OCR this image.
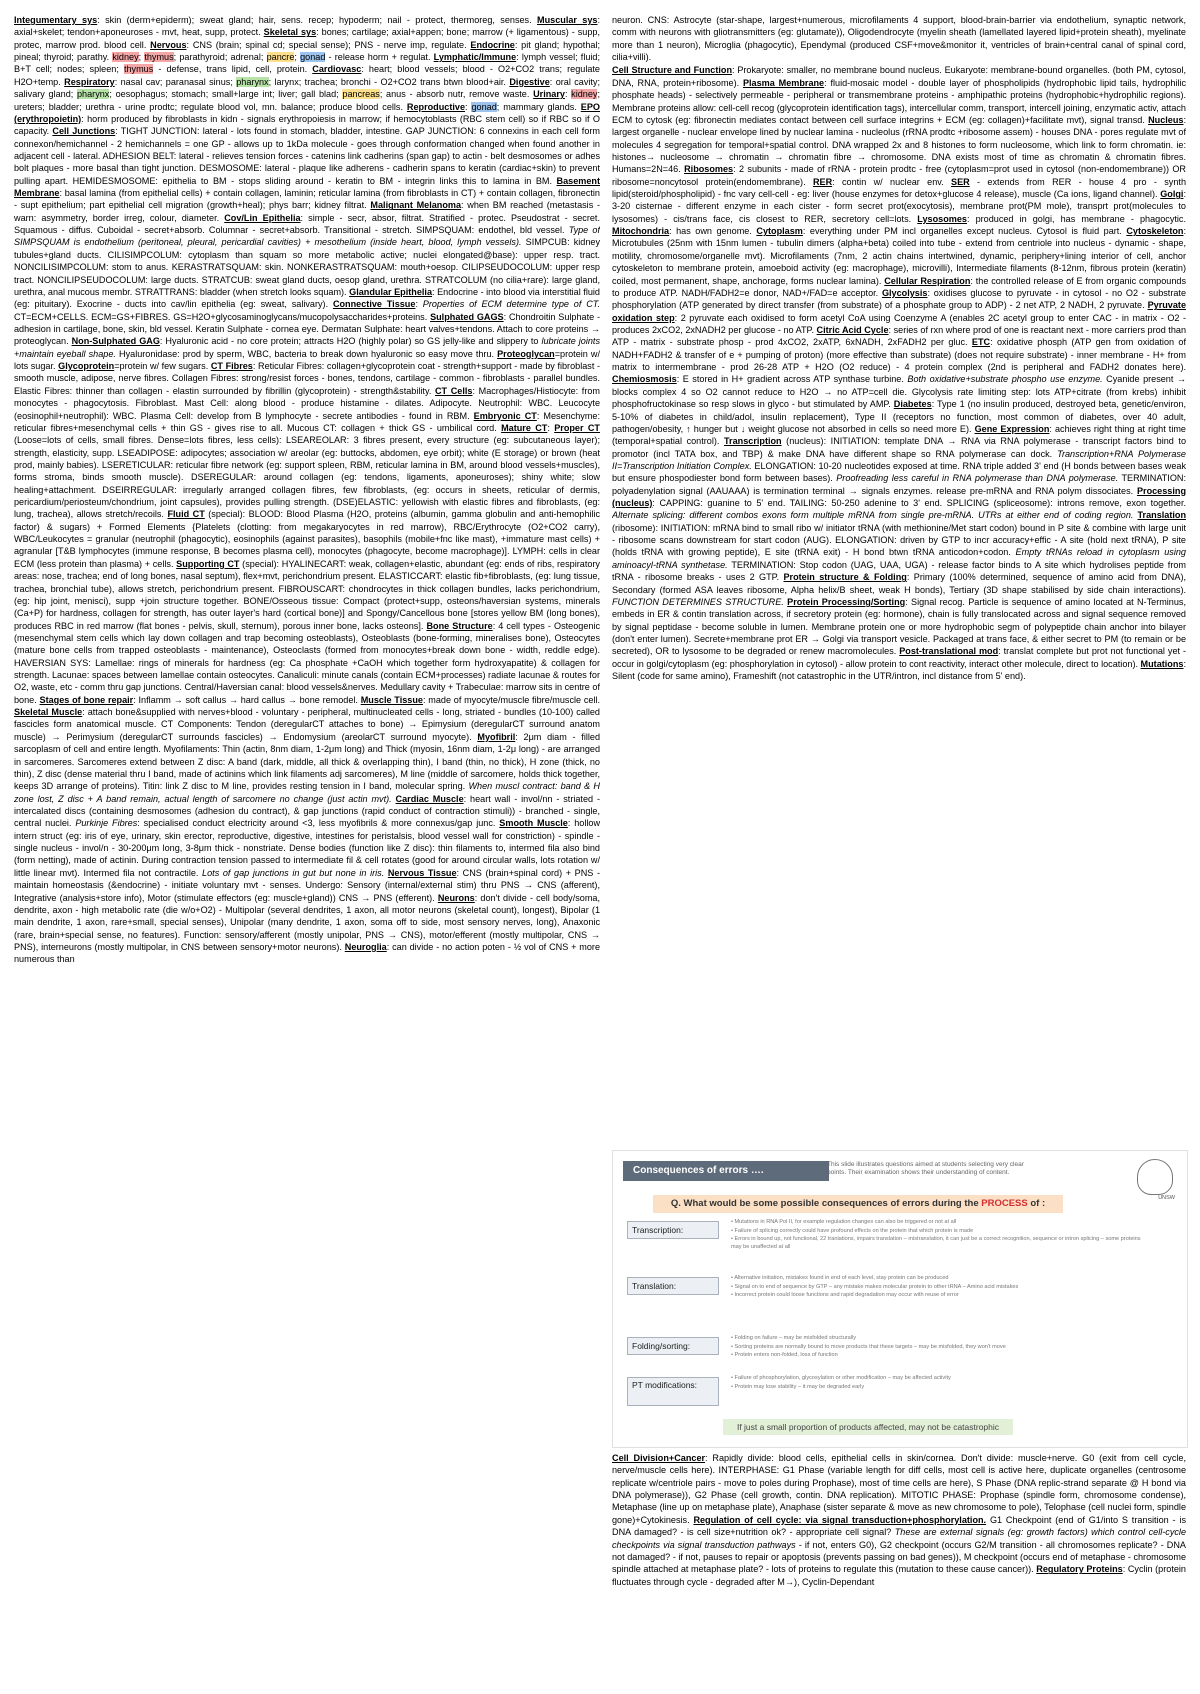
Integumentary sys: skin (derm+epiderm); sweat gland; hair, sens. recep; hypoderm; nail - protect, thermoreg, senses. Muscular sys: axial+skelet; tendon+aponeuroses - mvt, heat, supp, protect. Skeletal sys: bones; cartilage; axial+appen; bone; marrow (+ ligamentous) - supp, protec, marrow prod. blood cell. Nervous: CNS (brain; spinal cd; special sense); PNS - nerve imp, regulate. Endocrine: pit gland; hypothal; pineal; thyroid; parathy. kidney; thymus; parathyroid; adrenal; pancre; gonad - release horm + regulat. Lymphatic/Immune: lymph vessel; fluid; B+T cell; nodes; spleen; thymus - defense, trans lipid, cell, protein. Cardiovasc: heart; blood vessels; blood - O2+CO2 trans; regulate H2O+temp. Respiratory: nasal cav; paranasal sinus; pharynx; larynx; trachea; bronchi - O2+CO2 trans btwn blood+air. Digestive: oral cavity; salivary gland; pharynx; oesophagus; stomach; small+large int; liver; gall blad; pancreas; anus - absorb nutr, remove waste. Urinary: kidney; ureters; bladder; urethra - urine prodtc; regulate blood vol, mn. balance; produce blood cells. Reproductive: gonad; mammary glands. EPO (erythropoietin): horm produced by fibroblasts in kidn - signals erythropoiesis in marrow; if hemocytoblasts (RBC stem cell) so if RBC so if O capacity. Cell Junctions: TIGHT JUNCTION: lateral - lots found in stomach, bladder, intestine. GAP JUNCTION: 6 connexins in each cell form connexon/hemichannel - 2 hemichannels = one GP - allows up to 1kDa molecule - goes through conformation changed when found another in adjacent cell - lateral. ADHESION BELT: lateral - relieves tension forces - catenins link cadherins (span gap) to actin - belt desmosomes or adhes bolt plaques - more basal than tight junction. DESMOSOME: lateral - plaque like adherens - cadherin spans to keratin (cardiac+skin) to prevent pulling apart. HEMIDESMOSOME: epithelia to BM - stops sliding around - keratin to BM - integrin links this to lamina in BM. Basement Membrane: basal lamina (from epithelial cells) + contain collagen, laminin; reticular lamina (from fibroblasts in CT) + contain collagen, fibronectin - supt epithelium; part epithelial cell migration (growth+heal); phys barr; kidney filtrat. Malignant Melanoma: when BM reached (metastasis - warn: asymmetry, border irreg, colour, diameter. Cov/Lin Epithelia: simple - secr, absor, filtrat. Stratified - protec. Pseudostrat - secret. Squamous - diffus. Cuboidal - secret+absorb. Columnar - secret+absorb. Transitional - stretch. SIMPSQUAM: endothel, bld vessel. Type of SIMPSQUAM is endothelium (peritoneal, pleural, pericardial cavities) + mesothelium (inside heart, blood, lymph vessels). SIMPCUB: kidney tubules+gland ducts. CILISIMPCOLUM: cytoplasm than squam so more metabolic active; nuclei elongated@base): upper resp. tract. NONCILISIMPCOLUM: stom to anus. KERASTRATSQUAM: skin. NONKERASTRATSQUAM: mouth+oesop. CILIPSEUDOCOLUM: upper resp tract. NONCILIPSEUDOCOLUM: large ducts. STRATCUB: sweat gland ducts, oesop gland, urethra. STRATCOLUM (no cilia+rare): large gland, urethra, anal mucous membr. STRATTRANS: bladder (when stretch looks squam). Glandular Epithelia: Endocrine - into blood via interstitial fluid (eg: pituitary). Exocrine - ducts into cav/lin epithelia (eg: sweat, salivary). Connective Tissue: Properties of ECM determine type of CT. CT=ECM+CELLS. ECM=GS+FIBRES. GS=H2O+glycosaminoglycans/mucopolysaccharides+proteins. Sulphated GAGS: Chondroitin Sulphate - adhesion in cartilage, bone, skin, bld vessel. Keratin Sulphate - cornea eye. Dermatan Sulphate: heart valves+tendons. Attach to core proteins → proteoglycan. Non-Sulphated GAG: Hyaluronic acid - no core protein; attracts H2O (highly polar) so GS jelly-like and slippery to lubricate joints +maintain eyeball shape. Hyaluronidase: prod by sperm, WBC, bacteria to break down hyaluronic so easy move thru. Proteoglycan=protein w/ lots sugar. Glycoprotein=protein w/ few sugars. CT Fibres: Reticular Fibres: collagen+glycoprotein coat - strength+support - made by fibroblast - smooth muscle, adipose, nerve fibres. Collagen Fibres: strong/resist forces - bones, tendons, cartilage - common - fibroblasts - parallel bundles. Elastic Fibres: thinner than collagen - elastin surrounded by fibrillin (glycoprotein) - strength&stability. CT Cells: Macrophages/Histiocyte: from monocytes - phagocytosis. Fibroblast. Mast Cell: along blood - produce histamine - dilates. Adipocyte. Neutrophil: WBC. Leucocyte (eosinophil+neutrophil): WBC. Plasma Cell: develop from B lymphocyte - secrete antibodies - found in RBM. Embryonic CT: Mesenchyme: reticular fibres+mesenchymal cells + thin GS - gives rise to all. Mucous CT: collagen + thick GS - umbilical cord. Mature CT: Proper CT (Loose=lots of cells, small fibres. Dense=lots fibres, less cells): LSEAREOLAR: 3 fibres present, every structure (eg: subcutaneous layer); strength, elasticity, supp. LSEADIPOSE: adipocytes; association w/ areolar (eg: buttocks, abdomen, eye orbit); white (E storage) or brown (heat prod, mainly babies). LSERETICULAR: reticular fibre network (eg: support spleen, RBM, reticular lamina in BM, around blood vessels+muscles), forms stroma, binds smooth muscle). DSEREGULAR: around collagen (eg: tendons, ligaments, aponeuroses); shiny white; slow healing+attachment. DSEIRREGULAR: irregularly arranged collagen fibres, few fibroblasts, (eg: occurs in sheets, reticular of dermis, pericardium/periosteum/chondrium, joint capsules), provides pulling strength. (DSE)ELASTIC: yellowish with elastic fibres and fibroblasts, (eg: lung, trachea), allows stretch/recoils. Fluid CT (special): BLOOD: Blood Plasma (H2O, proteins (albumin, gamma globulin and anti-hemophilic factor) & sugars) + Formed Elements {Platelets (clotting: from megakaryocytes in red marrow), RBC/Erythrocyte (O2+CO2 carry), WBC/Leukocytes = granular (neutrophil (phagocytic), eosinophils (against parasites), basophils (mobile+fnc like mast), +immature mast cells) + agranular [T&B lymphocytes (immune response, B becomes plasma cell), monocytes (phagocyte, become macrophage)]. LYMPH: cells in clear ECM (less protein than plasma) + cells. Supporting CT (special): HYALINECART: weak, collagen+elastic, abundant (eg: ends of ribs, respiratory areas: nose, trachea; end of long bones, nasal septum), flex+mvt, perichondrium present. ELASTICCART: elastic fib+fibroblasts, (eg: lung tissue, trachea, bronchial tube), allows stretch, perichondrium present. FIBROUSCART: chondrocytes in thick collagen bundles, lacks perichondrium, (eg: hip joint, menisci), supp +join structure together. BONE/Osseous tissue: Compact (protect+supp, osteons/haversian systems, minerals (Ca+P) for hardness, collagen for strength, has outer layer's hard (cortical bone)] and Spongy/Cancellous bone [stores yellow BM (long bones), produces RBC in red marrow (flat bones - pelvis, skull, sternum), porous inner bone, lacks osteons]. Bone Structure: 4 cell types - Osteogenic (mesenchymal stem cells which lay down collagen and trap becoming osteoblasts), Osteoblasts (bone-forming, mineralises bone), Osteocytes (mature bone cells from trapped osteoblasts - maintenance), Osteoclasts (formed from monocytes+break down bone - width, reddle edge). HAVERSIAN SYS: Lamellae: rings of minerals for hardness (eg: Ca phosphate +CaOH which together form hydroxyapatite) & collagen for strength. Lacunae: spaces between lamellae contain osteocytes. Canaliculi: minute canals (contain ECM+processes) radiate lacunae & routes for O2, waste, etc - comm thru gap junctions. Central/Haversian canal: blood vessels&nerves. Medullary cavity + Trabeculae: marrow sits in centre of bone. Stages of bone repair: Inflamm → soft callus → hard callus → bone remodel. Muscle Tissue: made of myocyte/muscle fibre/muscle cell. Skeletal Muscle: attach bone&supplied with nerves+blood - voluntary - peripheral, multinucleated cells - long, striated - bundles (10-100) called fascicles form anatomical muscle. CT Components: Tendon (deregularCT attaches to bone) → Epimysium (deregularCT surround anatom muscle) → Perimysium (deregularCT surrounds fascicles) → Endomysium (areolarCT surround myocyte). Myofibril: 2μm diam - filled sarcoplasm of cell and entire length. Myofilaments: Thin (actin, 8nm diam, 1-2μm long) and Thick (myosin, 16nm diam, 1-2μ long) - are arranged in sarcomeres. Sarcomeres extend between Z disc: A band (dark, middle, all thick & overlapping thin), I band (thin, no thick), H zone (thick, no thin), Z disc (dense material thru I band, made of actinins which link filaments adj sarcomeres), M line (middle of sarcomere, holds thick together, keeps 3D arrange of proteins). Titin: link Z disc to M line, provides resting tension in I band, molecular spring. When muscl contract: band & H zone lost, Z disc + A band remain, actual length of sarcomere no change (just actin mvt). Cardiac Muscle: heart wall - invol/nn - striated - intercalated discs (containing desmosomes (adhesion du contract), & gap junctions (rapid conduct of contraction stimuli)) - branched - single, central nuclei. Purkinje Fibres: specialised conduct electricity around <3, less myofibrils & more connexus/gap junc. Smooth Muscle: hollow intern struct (eg: iris of eye, urinary, skin erector, reproductive, digestive, intestines for peristalsis, blood vessel wall for constriction) - spindle - single nucleus - invol/n - 30-200μm long, 3-8μm thick - nonstriate. Dense bodies (function like Z disc): thin filaments to, intermed fila also bind (form netting), made of actinin. During contraction tension passed to intermediate fil & cell rotates (good for around circular walls, lots rotation w/ little linear mvt). Intermed fila not contractile. Lots of gap junctions in gut but none in iris. Nervous Tissue: CNS (brain+spinal cord) + PNS - maintain homeostasis (&endocrine) - initiate voluntary mvt - senses. Undergo: Sensory (internal/external stim) thru PNS → CNS (afferent), Integrative (analysis+store info), Motor (stimulate effectors (eg: muscle+gland)) CNS → PNS (efferent). Neurons: don't divide - cell body/soma, dendrite, axon - high metabolic rate (die w/o+O2) - Multipolar (several dendrites, 1 axon, all motor neurons (skeletal count), longest), Bipolar (1 main dendrite, 1 axon, rare+small, special senses), Unipolar (many dendrite, 1 axon, soma off to side, most sensory nerves, long), Anaxonic (rare, brain+special sense, no features). Function: sensory/afferent (mostly unipolar, PNS → CNS), motor/efferent (mostly multipolar, CNS → PNS), interneurons (mostly multipolar, in CNS between sensory+motor neurons). Neuroglia: can divide - no action poten - ½ vol of CNS + more numerous than

neuron. CNS: Astrocyte (star-shape, largest+numerous, microfilaments 4 support, blood-brain-barrier via endothelium, synaptic network, comm with neurons with gliotransmitters (eg: glutamate)), Oligodendrocyte (myelin sheath (lamellated layered lipid+protein sheath), myelinate more than 1 neuron), Microglia (phagocytic), Ependymal (produced CSF+move&monitor it, ventricles of brain+central canal of spinal cord, cilia+villi).

Cell Structure and Function: Prokaryote: smaller, no membrane bound nucleus. Eukaryote: membrane-bound organelles. (both PM, cytosol, DNA, RNA, protein+ribosome). Plasma Membrane: fluid-mosaic model - double layer of phospholipids (hydrophobic lipid tails, hydrophilic phosphate heads) - selectively permeable - peripheral or transmembrane proteins - amphipathic proteins (hydrophobic+hydrophilic regions). Membrane proteins allow: cell-cell recog (glycoprotein identification tags), intercellular comm, transport, intercell joining, enzymatic activ, attach ECM to cytosk (eg: fibronectin mediates contact between cell surface integrins + ECM (eg: collagen)+facilitate mvt), signal transd. Nucleus: largest organelle - nuclear envelope lined by nuclear lamina - nucleolus (rRNA prodtc +ribosome assem) - houses DNA - pores regulate mvt of molecules 4 segregation for temporal+spatial control. DNA wrapped 2x and 8 histones to form nucleosome, which link to form chromatin. ie: histones→ nucleosome → chromatin → chromatin fibre → chromosome. DNA exists most of time as chromatin & chromatin fibres. Humans=2N=46. Ribosomes: 2 subunits - made of rRNA - protein prodtc - free (cytoplasm=prot used in cytosol (non-endomembrane)) OR ribosome=noncytosol protein(endomembrane). RER: contin w/ nuclear env. SER - extends from RER - house 4 pro - synth lipid(steroid/phospholipid) - fnc vary cell-cell - eg: liver (house enzymes for detox+glucose 4 release), muscle (Ca ions, ligand channel). Golgi: 3-20 cisternae - different enzyme in each cister - form secret prot(exocytosis), membrane prot(PM mole), transprt prot(molecules to lysosomes) - cis/trans face, cis closest to RER, secretory cell=lots. Lysosomes: produced in golgi, has membrane - phagocytic. Mitochondria: has own genome. Cytoplasm: everything under PM incl organelles except nucleus. Cytosol is fluid part. Cytoskeleton: Microtubules (25nm with 15nm lumen - tubulin dimers (alpha+beta) coiled into tube - extend from centriole into nucleus - dynamic - shape, motility, chromosome/organelle mvt). Microfilaments (7nm, 2 actin chains intertwined, dynamic, periphery+lining interior of cell, anchor cytoskeleton to membrane protein, amoeboid activity (eg: macrophage), microvilli), Intermediate filaments (8-12nm, fibrous protein (keratin) coiled, most permanent, shape, anchorage, forms nuclear lamina). Cellular Respiration: the controlled release of E from organic compounds to produce ATP. NADH/FADH2=e donor, NAD+/FAD=e acceptor. Glycolysis: oxidises glucose to pyruvate - in cytosol - no O2 - substrate phosphorylation (ATP generated by direct transfer (from substrate) of a phosphate group to ADP) - 2 net ATP, 2 NADH, 2 pyruvate. Pyruvate oxidation step: 2 pyruvate each oxidised to form acetyl CoA using Coenzyme A (enables 2C acetyl group to enter CAC - in matrix - O2 - produces 2xCO2, 2xNADH2 per glucose - no ATP. Citric Acid Cycle: series of rxn where prod of one is reactant next - more carriers prod than ATP - matrix - substrate phosp - prod 4xCO2, 2xATP, 6xNADH, 2xFADH2 per gluc. ETC: oxidative phosph (ATP gen from oxidation of NADH+FADH2 & transfer of e + pumping of proton) (more effective than substrate) (does not require substrate) - inner membrane - H+ from matrix to intermembrane - prod 26-28 ATP + H2O (O2 reduce) - 4 protein complex (2nd is peripheral and FADH2 donates here). Chemiosmosis: E stored in H+ gradient across ATP synthase turbine. Both oxidative+substrate phospho use enzyme. Cyanide present → blocks complex 4 so O2 cannot reduce to H2O → no ATP=cell die. Glycolysis rate limiting step: lots ATP+citrate (from krebs) inhibit phosphofructokinase so resp slows in glyco - but stimulated by AMP. Diabetes: Type 1 (no insulin produced, destroyed beta, genetic/environ, 5-10% of diabetes in child/adol, insulin replacement), Type II (receptors no function, most common of diabetes, over 40 adult, pathogen/obesity, ↑ hunger but ↓ weight glucose not absorbed in cells so need more E). Gene Expression: achieves right thing at right time (temporal+spatial control). Transcription (nucleus): INITIATION: template DNA → RNA via RNA polymerase - transcript factors bind to promotor (incl TATA box, and TBP) & make DNA have different shape so RNA polymerase can dock. Transcription+RNA Polymerase II=Transcription Initiation Complex. ELONGATION: 10-20 nucleotides exposed at time. RNA triple added 3' end (H bonds between bases weak but ensure phospodiester bond form between bases). Proofreading less careful in RNA polymerase than DNA polymerase. TERMINATION: polyadenylation signal (AAUAAA) is termination terminal → signals enzymes. release pre-mRNA and RNA polym dissociates. Processing (nucleus): CAPPING: guanine to 5' end. TAILING: 50-250 adenine to 3' end. SPLICING (spliceosome): introns remove, exon together. Alternate splicing: different combos exons form multiple mRNA from single pre-mRNA. UTRs at either end of coding region. Translation (ribosome): INITIATION: mRNA bind to small ribo w/ initiator tRNA (with methionine/Met start codon) bound in P site & combine with large unit - ribosome scans downstream for start codon (AUG). ELONGATION: driven by GTP to incr accuracy+effic - A site (hold next tRNA), P site (holds tRNA with growing peptide), E site (tRNA exit) - H bond btwn tRNA anticodon+codon. Empty tRNAs reload in cytoplasm using aminoacyl-tRNA synthetase. TERMINATION: Stop codon (UAG, UAA, UGA) - release factor binds to A site which hydrolises peptide from tRNA - ribosome breaks - uses 2 GTP. Protein structure & Folding: Primary (100% determined, sequence of amino acid from DNA), Secondary (formed ASA leaves ribosome, Alpha helix/B sheet, weak H bonds), Tertiary (3D shape stabilised by side chain interactions). FUNCTION DETERMINES STRUCTURE. Protein Processing/Sorting: Signal recog. Particle is sequence of amino located at N-Terminus, embeds in ER & contin translation across, if secretory protein (eg: hormone), chain is fully translocated across and signal sequence removed by signal peptidase - become soluble in lumen. Membrane protein one or more hydrophobic segm of polypeptide chain anchor into bilayer (don't enter lumen). Secrete+membrane prot ER → Golgi via transport vesicle. Packaged at trans face, & either secret to PM (to remain or be secreted), OR to lysosome to be degraded or renew macromolecules. Post-translational mod: translat complete but prot not functional yet - occur in golgi/cytoplasm (eg: phosphorylation in cytosol) - allow protein to cont reactivity, interact other molecule, direct to location). Mutations: Silent (code for same amino), Frameshift (not catastrophic in the UTR/intron, incl distance from 5' end).

Consequences of errors ….
This slide illustrates questions aimed at students selecting very clear points. Their examination shows their understanding of content.
UNSW
Q. What would be some possible consequences of errors during the PROCESS of :
Transcription:
• Mutations in RNA Pol II, for example regulation changes can also be triggered or not at all
• Failure of splicing correctly could have profound effects on the protein that which protein is made
• Errors in bound up, not functional, 22 tranlations, impairs translation – mistranslation, it can just be a correct recognition, sequence or intron splicing – some proteins may be unaffected at all
Translation:
• Alternative initiation, mistakes found in end of each level, stay protein can be produced
• Signal on to end of sequence by GTP – any mistake makes molecular protein to other tRNA – Amino acid mistakes
• Incorrect protein could loose functions and rapid degradation may occur with reuse of error
Folding/sorting:
• Folding on failure – may be misfolded structurally
• Sorting proteins are normally bound to move products that these targets – may be misfolded, they won't move
• Protein enters non-folded, loss of function
PT modifications:
• Failure of phosphorylation, glycosylation or other modification – may be affected activity
• Protein may lose stability – it may be degraded early
If just a small proportion of products affected, may not be catastrophic

Cell Division+Cancer: Rapidly divide: blood cells, epithelial cells in skin/cornea. Don't divide: muscle+nerve. G0 (exit from cell cycle, nerve/muscle cells here). INTERPHASE: G1 Phase (variable length for diff cells, most cell is active here, duplicate organelles (centrosome replicate w/centriole pairs - move to poles during Prophase), most of time cells are here), S Phase (DNA replic-strand separate @ H bond via DNA polymerase)), G2 Phase (cell growth, contin. DNA replication). MITOTIC PHASE: Prophase (spindle form, chromosome condense), Metaphase (line up on metaphase plate), Anaphase (sister separate & move as new chromosome to pole), Telophase (cell nuclei form, spindle gone)+Cytokinesis. Regulation of cell cycle: via signal transduction+phosphorylation. G1 Checkpoint (end of G1/into S transition - is DNA damaged? - is cell size+nutrition ok? - appropriate cell signal? These are external signals (eg: growth factors) which control cell-cycle checkpoints via signal transduction pathways - if not, enters G0), G2 checkpoint (occurs G2/M transition - all chromosomes replicate? - DNA not damaged? - if not, pauses to repair or apoptosis (prevents passing on bad genes)), M checkpoint (occurs end of metaphase - chromosome spindle attached at metaphase plate? - lots of proteins to regulate this (mutation to these cause cancer)). Regulatory Proteins: Cyclin (protein fluctuates through cycle - degraded after M→), Cyclin-Dependant
